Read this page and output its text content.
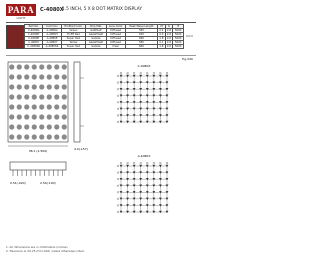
PARA
LIGHT
C-4080X
1.5 INCH, 5 X 8 DOT MATRIX DISPLAY
Part No.	Common	Emitted Color	Chip Mat.	Lens Color	Peak Wave Length	Vf	Iv	IF
C-4080G	A-4080G	Green	GaP/GaP	Diffused	565	2.2	2.6	5000
C-4080H	A-4080H	Hi-Eff Red	GaAsP/GaP	Diffused	635	2.0	2.6	5000
C-4080E	A-4080E	Super Red	GaAlAs	Diffused	660	1.8	2.6	5000
C-4080Y	A-4080Y	Yellow	GaAsP/GaP	Diffused	585	2.1	2.6	5000
C-4080SR	A-4080SR	Super Red	GaAlAs	Clear	660	1.8	2.6	5000
mcd
Fig.096
38.1 (1.500)	4.0(.157)
0.51(.020)	2.54(.100)
C-4080X
A-4080X
1. All dimensions are in millimeters (inches).
2. Tolerance is ±0.25 mm(.010) unless otherwise noted.
